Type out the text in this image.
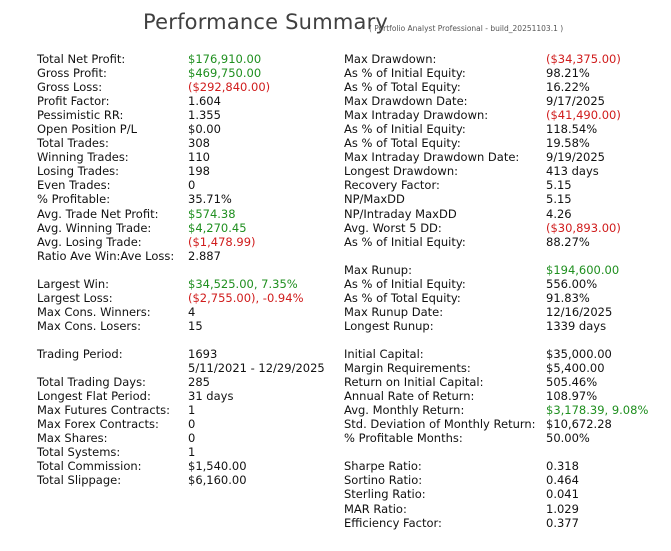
Performance Summary
( Portfolio Analyst Professional - build_20251103.1 )
Total Net Profit:	$176,910.00
Gross Profit:	$469,750.00
Gross Loss:	($292,840.00)
Profit Factor:	1.604
Pessimistic RR:	1.355
Open Position P/L	$0.00
Total Trades:	308
Winning Trades:	110
Losing Trades:	198
Even Trades:	0
% Profitable:	35.71%
Avg. Trade Net Profit:	$574.38
Avg. Winning Trade:	$4,270.45
Avg. Losing Trade:	($1,478.99)
Ratio Ave Win:Ave Loss: 2.887
Largest Win:	$34,525.00, 7.35%
Largest Loss:	($2,755.00), -0.94%
Max Cons. Winners:	4
Max Cons. Losers:	15
Trading Period:	1693
5/11/2021 - 12/29/2025
Total Trading Days:	285
Longest Flat Period:	31 days
Max Futures Contracts: 1
Max Forex Contracts:	0
Max Shares:	0
Total Systems:	1
Total Commission:	$1,540.00
Total Slippage:	$6,160.00
Max Drawdown:	($34,375.00)
As % of Initial Equity:	98.21%
As % of Total Equity:	16.22%
Max Drawdown Date:	9/17/2025
Max Intraday Drawdown:	($41,490.00)
As % of Initial Equity:	118.54%
As % of Total Equity:	19.58%
Max Intraday Drawdown Date: 9/19/2025
Longest Drawdown:	413 days
Recovery Factor:	5.15
NP/MaxDD	5.15
NP/Intraday MaxDD	4.26
Avg. Worst 5 DD:	($30,893.00)
As % of Initial Equity:	88.27%
Max Runup:	$194,600.00
As % of Initial Equity:	556.00%
As % of Total Equity:	91.83%
Max Runup Date:	12/16/2025
Longest Runup:	1339 days
Initial Capital:	$35,000.00
Margin Requirements:	$5,400.00
Return on Initial Capital:	505.46%
Annual Rate of Return:	108.97%
Avg. Monthly Return:	$3,178.39, 9.08%
Std. Deviation of Monthly Return: $10,672.28
% Profitable Months:	50.00%
Sharpe Ratio:	0.318
Sortino Ratio:	0.464
Sterling Ratio:	0.041
MAR Ratio:	1.029
Efficiency Factor:	0.377
